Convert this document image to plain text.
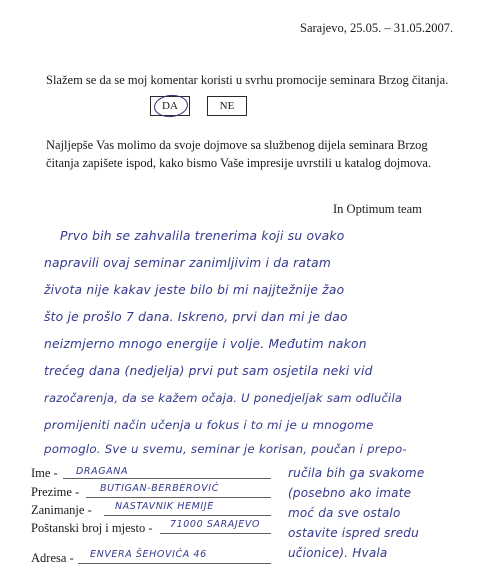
Sarajevo, 25.05. – 31.05.2007.
Slažem se da se moj komentar koristi u svrhu promocije seminara Brzog čitanja.
DA	NE
Najljepše Vas molimo da svoje dojmove sa službenog dijela seminara Brzog
čitanja zapišete ispod, kako bismo Vaše impresije uvrstili u katalog dojmova.
In Optimum team
Prvo bih se zahvalila trenerima koji su ovako
napravili ovaj seminar zanimljivim i da ratam
života nije kakav jeste bilo bi mi najjtežnije žao
što je prošlo 7 dana. Iskreno, prvi dan mi je dao
neizmjerno mnogo energije i volje. Međutim nakon
trećeg dana (nedjelja) prvi put sam osjetila neki vid
razočarenja, da se kažem očaja. U ponedjeljak sam odlučila
promijeniti način učenja u fokus i to mi je u mnogome
pomoglo. Sve u svemu, seminar je korisan, poučan i prepo-
ručila bih ga svakome
(posebno ako imate
moć da sve ostalo
ostavite ispred sredu
učionice). Hvala
Ime - DRAGANA
Prezime - BUTIGAN-BERBEROVIĆ
Zanimanje - NASTAVNIK HEMIJE
Poštanski broj i mjesto - 71000 SARAJEVO
Adresa - ENVERA ŠEHOVIĆA 46
